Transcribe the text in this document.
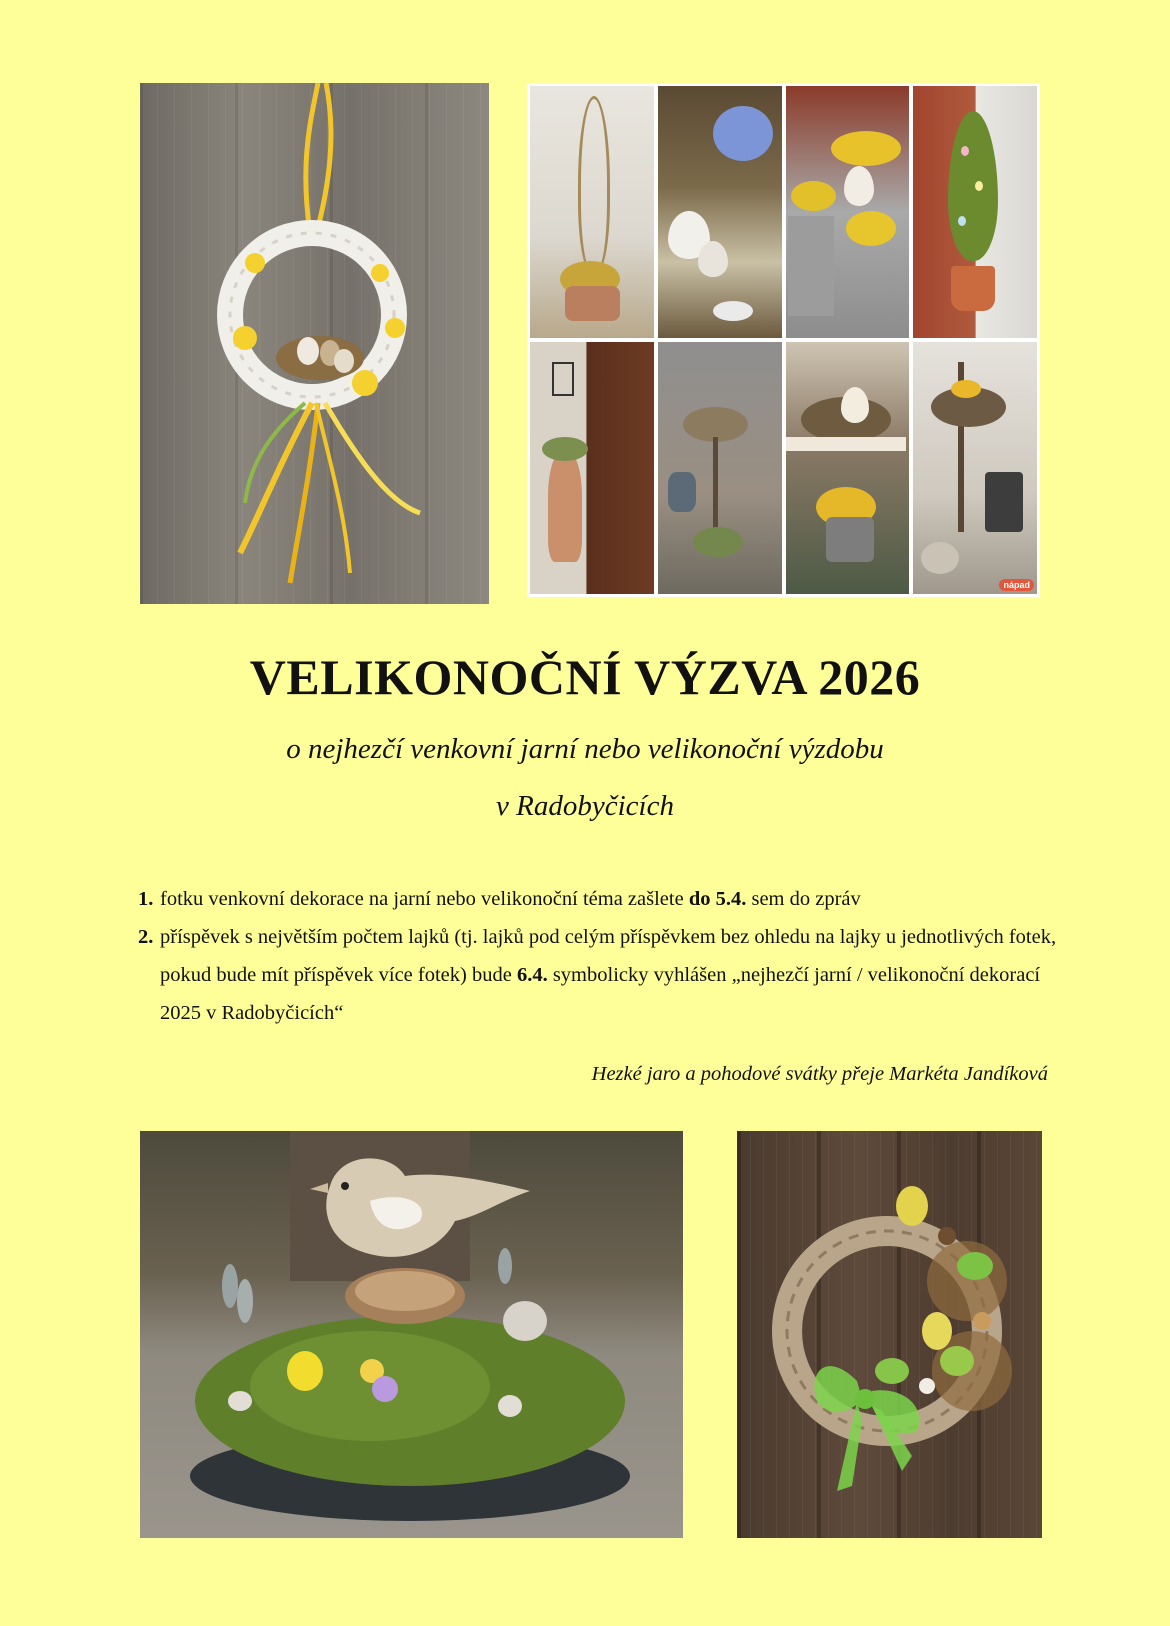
nápad
VELIKONOČNÍ VÝZVA 2026
o nejhezčí venkovní jarní nebo velikonoční výzdobu
v Radobyčicích
1. fotku venkovní dekorace na jarní nebo velikonoční téma zašlete do 5.4. sem do zpráv
2. příspěvek s největším počtem lajků (tj. lajků pod celým příspěvkem bez ohledu na lajky u jednotlivých fotek, pokud bude mít příspěvek více fotek) bude 6.4. symbolicky vyhlášen „nejhezčí jarní / velikonoční dekorací 2025 v Radobyčicích“
Hezké jaro a pohodové svátky přeje Markéta Jandíková
